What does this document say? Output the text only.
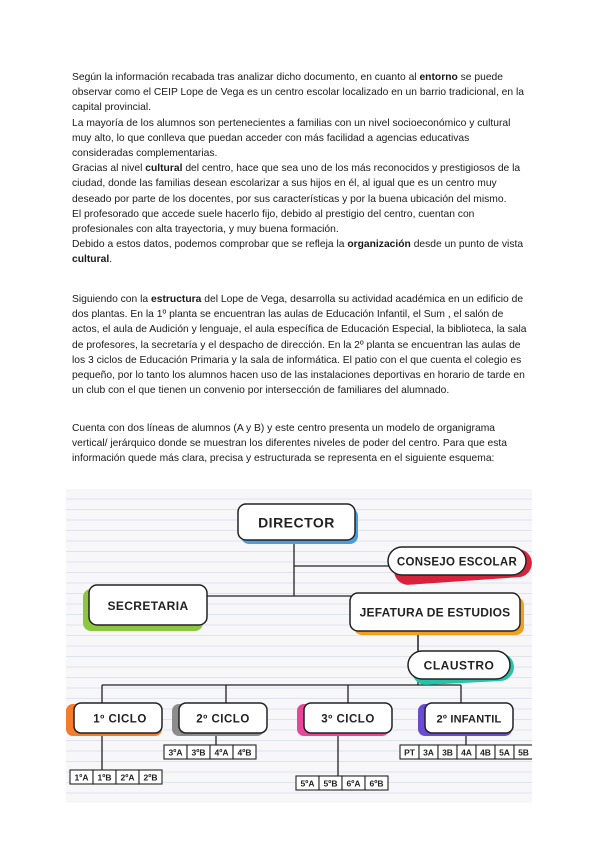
Según la información recabada tras analizar dicho documento, en cuanto al entorno se puede observar como el CEIP Lope de Vega es un centro escolar localizado en un barrio tradicional, en la capital provincial.

La mayoría de los alumnos son pertenecientes a familias con un nivel socioeconómico y cultural muy alto, lo que conlleva que puedan acceder con más facilidad a agencias educativas consideradas complementarias.

Gracias al nivel cultural del centro, hace que sea uno de los más reconocidos y prestigiosos de la ciudad, donde las familias desean escolarizar a sus hijos en él, al igual que es un centro muy deseado por parte de los docentes, por sus características y por la buena ubicación del mismo.

El profesorado que accede suele hacerlo fijo, debido al prestigio del centro, cuentan con profesionales con alta trayectoria, y muy buena formación.

Debido a estos datos, podemos comprobar que se refleja la organización desde un punto de vista cultural.

Siguiendo con la estructura del Lope de Vega, desarrolla su actividad académica en un edificio de dos plantas. En la 1º planta se encuentran las aulas de Educación Infantil, el Sum , el salón de actos, el aula de Audición y lenguaje, el aula específica de Educación Especial, la biblioteca, la sala de profesores, la secretaría y el despacho de dirección. En la 2º planta se encuentran las aulas de los 3 ciclos de Educación Primaria y la sala de informática. El patio con el que cuenta el colegio es pequeño, por lo tanto los alumnos hacen uso de las instalaciones deportivas en horario de tarde en un club con el que tienen un convenio por intersección de familiares del alumnado.

Cuenta con dos líneas de alumnos (A y B) y este centro presenta un modelo de organigrama vertical/ jerárquico donde se muestran los diferentes niveles de poder del centro. Para que esta información quede más clara, precisa y estructurada se representa en el siguiente esquema:

DIRECTOR
CONSEJO ESCOLAR
SECRETARIA	JEFATURA DE ESTUDIOS
CLAUSTRO
1º CICLO	2º CICLO	3º CICLO	2º INFANTIL
1ºA 1ºB 2ºA 2ºB
3ºA 3ºB 4ºA 4ºB
5ºA 5ºB 6ºA 6ºB
PT 3A 3B 4A 4B 5A 5B
